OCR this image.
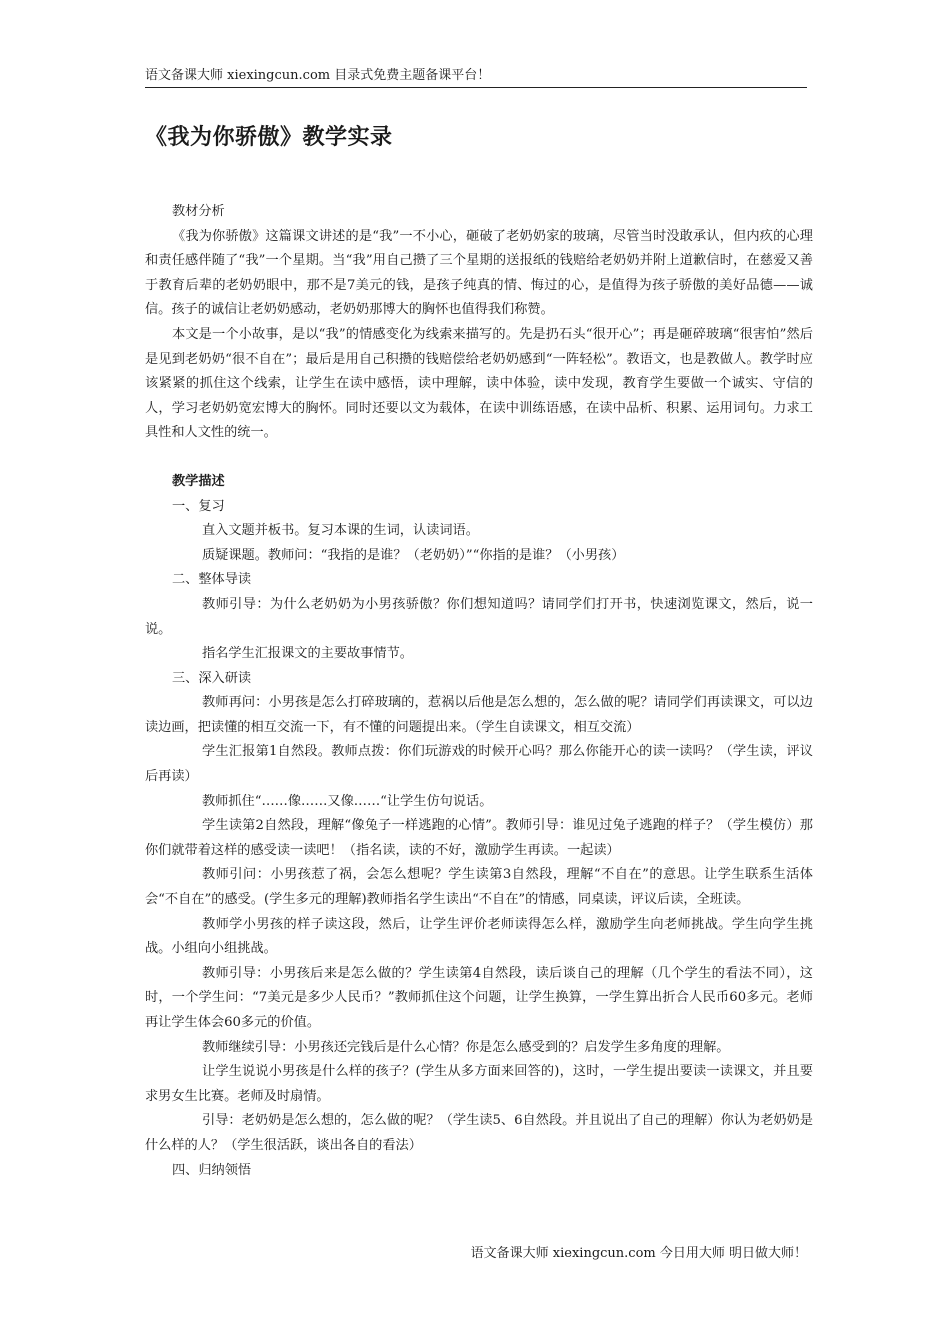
语文备课大师 xiexingcun.com 目录式免费主题备课平台！
《我为你骄傲》教学实录

教材分析

《我为你骄傲》这篇课文讲述的是“我”一不小心，砸破了老奶奶家的玻璃，尽管当时没敢承认，但内疚的心理和责任感伴随了“我”一个星期。当“我”用自己攒了三个星期的送报纸的钱赔给老奶奶并附上道歉信时，在慈爱又善于教育后辈的老奶奶眼中，那不是7美元的钱，是孩子纯真的情、悔过的心，是值得为孩子骄傲的美好品德——诚信。孩子的诚信让老奶奶感动，老奶奶那博大的胸怀也值得我们称赞。

本文是一个小故事，是以“我”的情感变化为线索来描写的。先是扔石头“很开心”；再是砸碎玻璃“很害怕”然后是见到老奶奶“很不自在”；最后是用自己积攒的钱赔偿给老奶奶感到“一阵轻松”。教语文，也是教做人。教学时应该紧紧的抓住这个线索，让学生在读中感悟，读中理解，读中体验，读中发现，教育学生要做一个诚实、守信的人，学习老奶奶宽宏博大的胸怀。同时还要以文为载体，在读中训练语感，在读中品析、积累、运用词句。力求工具性和人文性的统一。

教学描述

一、复习

直入文题并板书。复习本课的生词，认读词语。

质疑课题。教师问：“我指的是谁？（老奶奶）”“你指的是谁？（小男孩）

二、整体导读

教师引导：为什么老奶奶为小男孩骄傲？你们想知道吗？请同学们打开书，快速浏览课文，然后，说一说。

指名学生汇报课文的主要故事情节。

三、深入研读

教师再问：小男孩是怎么打碎玻璃的，惹祸以后他是怎么想的，怎么做的呢？请同学们再读课文，可以边读边画，把读懂的相互交流一下，有不懂的问题提出来。（学生自读课文，相互交流）

学生汇报第1自然段。教师点拨：你们玩游戏的时候开心吗？那么你能开心的读一读吗？（学生读，评议后再读）

教师抓住“……像……又像……“让学生仿句说话。

学生读第2自然段，理解“像兔子一样逃跑的心情”。教师引导：谁见过兔子逃跑的样子？（学生模仿）那你们就带着这样的感受读一读吧！（指名读，读的不好，激励学生再读。一起读）

教师引问：小男孩惹了祸，会怎么想呢？学生读第3自然段，理解“不自在”的意思。让学生联系生活体会“不自在”的感受。(学生多元的理解)教师指名学生读出“不自在”的情感，同桌读，评议后读，全班读。

教师学小男孩的样子读这段，然后，让学生评价老师读得怎么样，激励学生向老师挑战。学生向学生挑战。小组向小组挑战。

教师引导：小男孩后来是怎么做的？学生读第4自然段，读后谈自己的理解（几个学生的看法不同），这时，一个学生问：“7美元是多少人民币？”教师抓住这个问题，让学生换算，一学生算出折合人民币60多元。老师再让学生体会60多元的价值。

教师继续引导：小男孩还完钱后是什么心情？你是怎么感受到的？启发学生多角度的理解。

让学生说说小男孩是什么样的孩子？(学生从多方面来回答的)，这时，一学生提出要读一读课文，并且要求男女生比赛。老师及时扇情。

引导：老奶奶是怎么想的，怎么做的呢？（学生读5、6自然段。并且说出了自己的理解）你认为老奶奶是什么样的人？（学生很活跃，谈出各自的看法）

四、归纳领悟

语文备课大师 xiexingcun.com 今日用大师 明日做大师！
